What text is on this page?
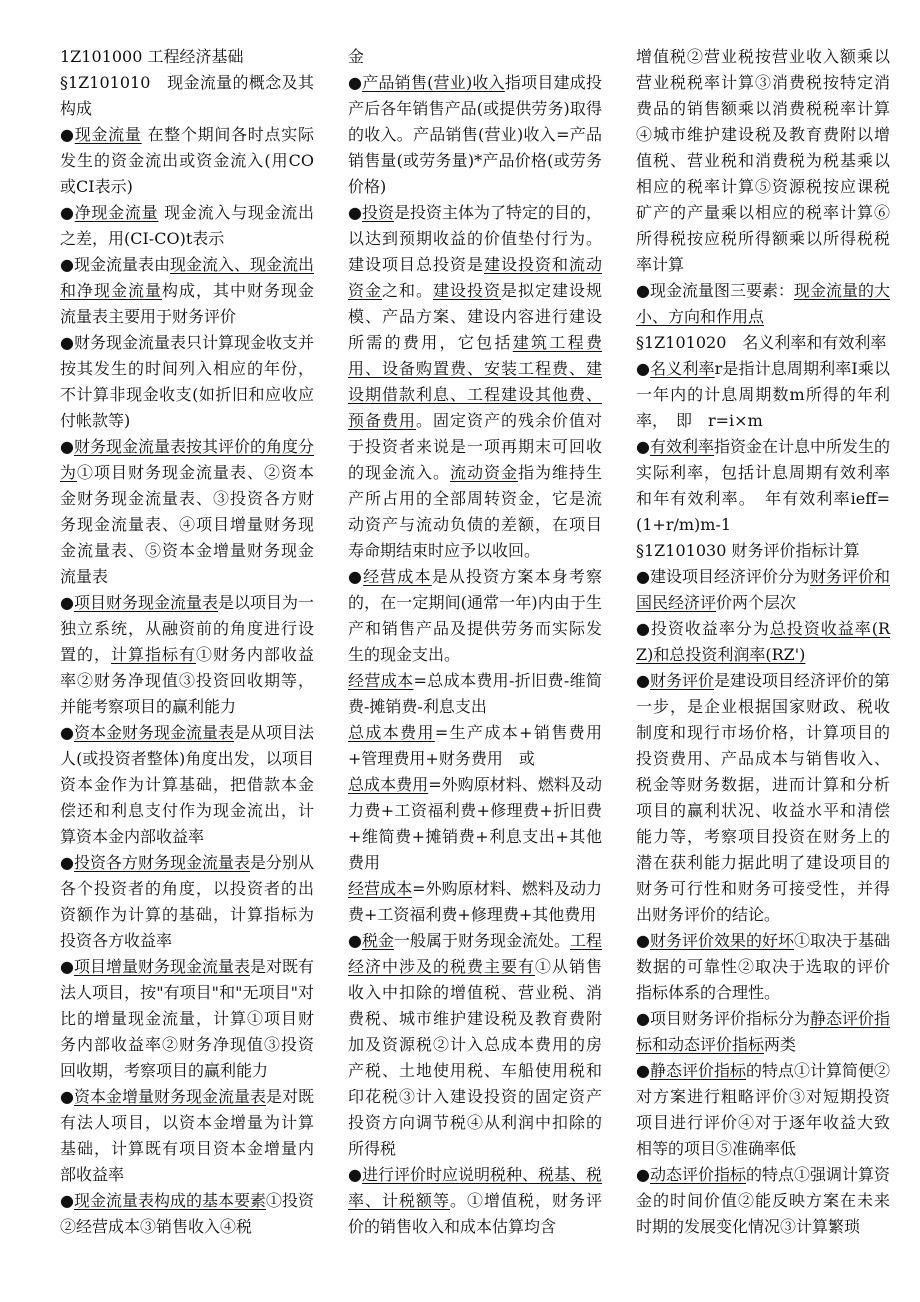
1Z101000 工程经济基础

§1Z101010　现金流量的概念及其构成

●现金流量 在整个期间各时点实际发生的资金流出或资金流入(用CO或CI表示)

●净现金流量 现金流入与现金流出之差，用(CI-CO)t表示

●现金流量表由现金流入、现金流出和净现金流量构成，其中财务现金流量表主要用于财务评价

●财务现金流量表只计算现金收支并按其发生的时间列入相应的年份，不计算非现金收支(如折旧和应收应付帐款等)

●财务现金流量表按其评价的角度分为①项目财务现金流量表、②资本金财务现金流量表、③投资各方财务现金流量表、④项目增量财务现金流量表、⑤资本金增量财务现金流量表

●项目财务现金流量表是以项目为一独立系统，从融资前的角度进行设置的，计算指标有①财务内部收益率②财务净现值③投资回收期等，并能考察项目的赢利能力

●资本金财务现金流量表是从项目法人(或投资者整体)角度出发，以项目资本金作为计算基础，把借款本金偿还和利息支付作为现金流出，计算资本金内部收益率

●投资各方财务现金流量表是分别从各个投资者的角度，以投资者的出资额作为计算的基础，计算指标为投资各方收益率

●项目增量财务现金流量表是对既有法人项目，按"有项目"和"无项目"对比的增量现金流量，计算①项目财务内部收益率②财务净现值③投资回收期，考察项目的赢利能力

●资本金增量财务现金流量表是对既有法人项目，以资本金增量为计算基础，计算既有项目资本金增量内部收益率

●现金流量表构成的基本要素①投资②经营成本③销售收入④税

金

●产品销售(营业)收入指项目建成投产后各年销售产品(或提供劳务)取得的收入。产品销售(营业)收入=产品销售量(或劳务量)*产品价格(或劳务价格)

●投资是投资主体为了特定的目的，以达到预期收益的价值垫付行为。建设项目总投资是建设投资和流动资金之和。建设投资是拟定建设规模、产品方案、建设内容进行建设所需的费用，它包括建筑工程费用、设备购置费、安装工程费、建设期借款利息、工程建设其他费、预备费用。固定资产的残余价值对于投资者来说是一项再期末可回收的现金流入。流动资金指为维持生产所占用的全部周转资金，它是流动资产与流动负债的差额，在项目寿命期结束时应予以收回。

●经营成本是从投资方案本身考察的，在一定期间(通常一年)内由于生产和销售产品及提供劳务而实际发生的现金支出。

经营成本=总成本费用-折旧费-维简费-摊销费-利息支出

总成本费用=生产成本+销售费用+管理费用+财务费用　或

总成本费用=外购原材料、燃料及动力费+工资福利费+修理费+折旧费+维简费+摊销费+利息支出+其他费用

经营成本=外购原材料、燃料及动力费+工资福利费+修理费+其他费用

●税金一般属于财务现金流处。工程经济中涉及的税费主要有①从销售收入中扣除的增值税、营业税、消费税、城市维护建设税及教育费附加及资源税②计入总成本费用的房产税、土地使用税、车船使用税和印花税③计入建设投资的固定资产投资方向调节税④从利润中扣除的所得税

●进行评价时应说明税种、税基、税率、计税额等。①增值税，财务评价的销售收入和成本估算均含

增值税②营业税按营业收入额乘以营业税税率计算③消费税按特定消费品的销售额乘以消费税税率计算④城市维护建设税及教育费附以增值税、营业税和消费税为税基乘以相应的税率计算⑤资源税按应课税矿产的产量乘以相应的税率计算⑥所得税按应税所得额乘以所得税税率计算

●现金流量图三要素：现金流量的大小、方向和作用点

§1Z101020　名义利率和有效利率

●名义利率r是指计息周期利率I乘以一年内的计息周期数m所得的年利率，　即　r=i×m

●有效利率指资金在计息中所发生的实际利率，包括计息周期有效利率和年有效利率。　年有效利率ieff=(1+r/m)m-1

§1Z101030 财务评价指标计算

●建设项目经济评价分为财务评价和国民经济评价两个层次

●投资收益率分为总投资收益率(RZ)和总投资利润率(RZ')

●财务评价是建设项目经济评价的第一步，是企业根据国家财政、税收制度和现行市场价格，计算项目的投资费用、产品成本与销售收入、税金等财务数据，进而计算和分析项目的赢利状况、收益水平和清偿能力等，考察项目投资在财务上的潜在获利能力据此明了建设项目的财务可行性和财务可接受性，并得出财务评价的结论。

●财务评价效果的好坏①取决于基础数据的可靠性②取决于选取的评价指标体系的合理性。

●项目财务评价指标分为静态评价指标和动态评价指标两类

●静态评价指标的特点①计算简便②对方案进行粗略评价③对短期投资项目进行评价④对于逐年收益大致相等的项目⑤准确率低

●动态评价指标的特点①强调计算资金的时间价值②能反映方案在未来时期的发展变化情况③计算繁琐
